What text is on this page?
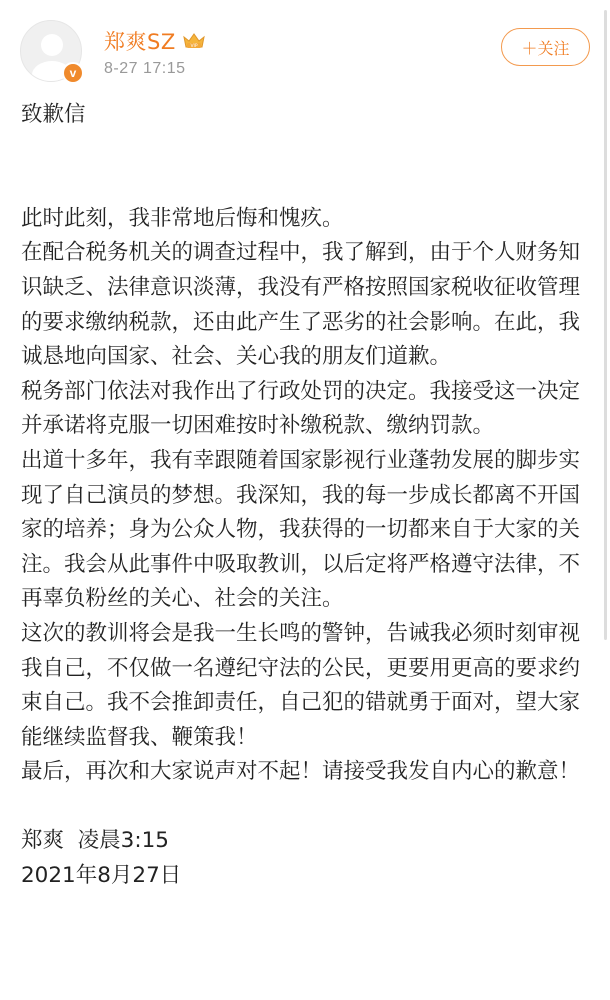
v
郑爽SZ	VIP
8-27 17:15
＋关注
致歉信
此时此刻，我非常地后悔和愧疚。
在配合税务机关的调查过程中，我了解到，由于个人财务知识缺乏、法律意识淡薄，我没有严格按照国家税收征收管理的要求缴纳税款，还由此产生了恶劣的社会影响。在此，我诚恳地向国家、社会、关心我的朋友们道歉。
税务部门依法对我作出了行政处罚的决定。我接受这一决定并承诺将克服一切困难按时补缴税款、缴纳罚款。
出道十多年，我有幸跟随着国家影视行业蓬勃发展的脚步实现了自己演员的梦想。我深知，我的每一步成长都离不开国家的培养；身为公众人物，我获得的一切都来自于大家的关注。我会从此事件中吸取教训，以后定将严格遵守法律，不再辜负粉丝的关心、社会的关注。
这次的教训将会是我一生长鸣的警钟，告诫我必须时刻审视我自己，不仅做一名遵纪守法的公民，更要用更高的要求约束自己。我不会推卸责任，自己犯的错就勇于面对，望大家能继续监督我、鞭策我！
最后，再次和大家说声对不起！请接受我发自内心的歉意！
郑爽  凌晨3:15
2021年8月27日
